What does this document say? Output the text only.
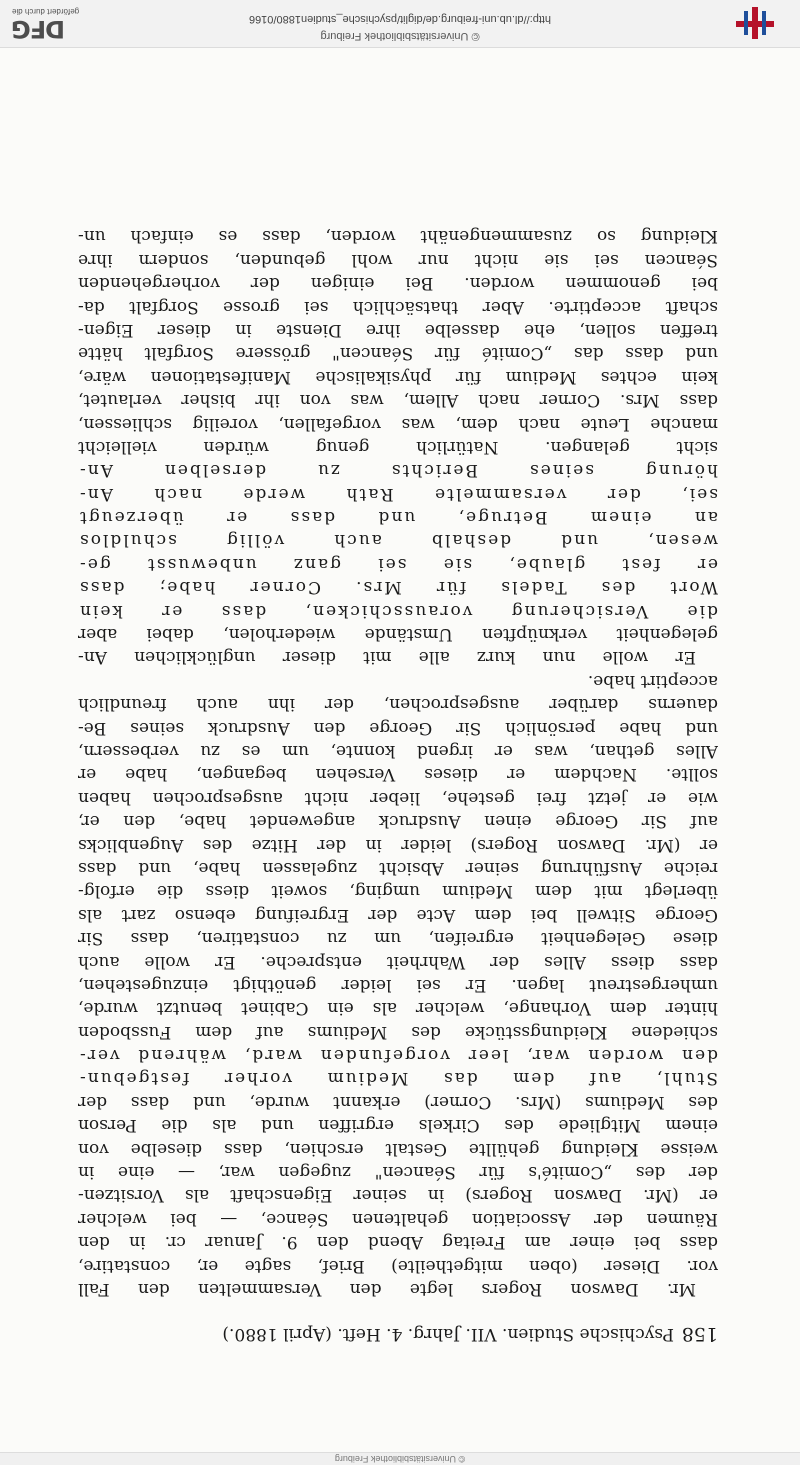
© Universitätsbibliothek Freiburg
158
Psychische Studien. VII. Jahrg. 4. Heft. (April 1880.)
Mr. Dawson Rogers legte den Versammelten den Fall
vor. Dieser (oben mitgetheilte) Brief, sagte er, constatire,
dass bei einer am Freitag Abend den 9. Januar cr. in den
Räumen der Association gehaltenen Séance, — bei welcher
er (Mr. Dawson Rogers) in seiner Eigenschaft als Vorsitzen-
der des „Comité's für Séancen" zugegen war, — eine in
weisse Kleidung gehüllte Gestalt erschien, dass dieselbe von
einem Mitgliede des Cirkels ergriffen und als die Person
des Mediums (Mrs. Corner) erkannt wurde, und dass der
Stuhl, auf dem das Medium vorher festgebun-
den worden war, leer vorgefunden ward, während ver-
schiedene Kleidungsstücke des Mediums auf dem Fussboden
hinter dem Vorhange, welcher als ein Cabinet benutzt wurde,
umhergestreut lagen. Er sei leider genöthigt einzugestehen,
dass diess Alles der Wahrheit entspreche. Er wolle auch
diese Gelegenheit ergreifen, um zu constatiren, dass Sir
George Sitwell bei dem Acte der Ergreifung ebenso zart als
überlegt mit dem Medium umging, soweit diess die erfolg-
reiche Ausführung seiner Absicht zugelassen habe, und dass
er (Mr. Dawson Rogers) leider in der Hitze des Augenblicks
auf Sir George einen Ausdruck angewendet habe, den er,
wie er jetzt frei gestehe, lieber nicht ausgesprochen haben
sollte. Nachdem er dieses Versehen begangen, habe er
Alles gethan, was er irgend konnte, um es zu verbessern,
und habe persönlich Sir George den Ausdruck seines Be-
dauerns darüber ausgesprochen, der ihn auch freundlich
acceptirt habe.
Er wolle nun kurz alle mit dieser unglücklichen An-
gelegenheit verknüpften Umstände wiederholen, dabei aber
die Versicherung vorausschicken, dass er kein
Wort des Tadels für Mrs. Corner habe; dass
er fest glaube, sie sei ganz unbewusst ge-
wesen, und deshalb auch völlig schuldlos
an einem Betruge, und dass er überzeugt
sei, der versammelte Rath werde nach An-
hörung seines Berichts zu derselben An-
sicht gelangen. Natürlich genug würden vielleicht
manche Leute nach dem, was vorgefallen, voreilig schliessen,
dass Mrs. Corner nach Allem, was von ihr bisher verlautet,
kein echtes Medium für physikalische Manifestationen wäre,
und dass das „Comité für Séancen" grössere Sorgfalt hätte
treffen sollen, ehe dasselbe ihre Dienste in dieser Eigen-
schaft acceptirte. Aber thatsächlich sei grosse Sorgfalt da-
bei genommen worden. Bei einigen der vorhergehenden
Séancen sei sie nicht nur wohl gebunden, sondern ihre
Kleidung so zusammengenäht worden, dass es einfach un-
© Universitätsbibliothek Freiburg
http://dl.ub.uni-freiburg.de/diglit/psychische_studien1880/0166
DFG
gefördert durch die
